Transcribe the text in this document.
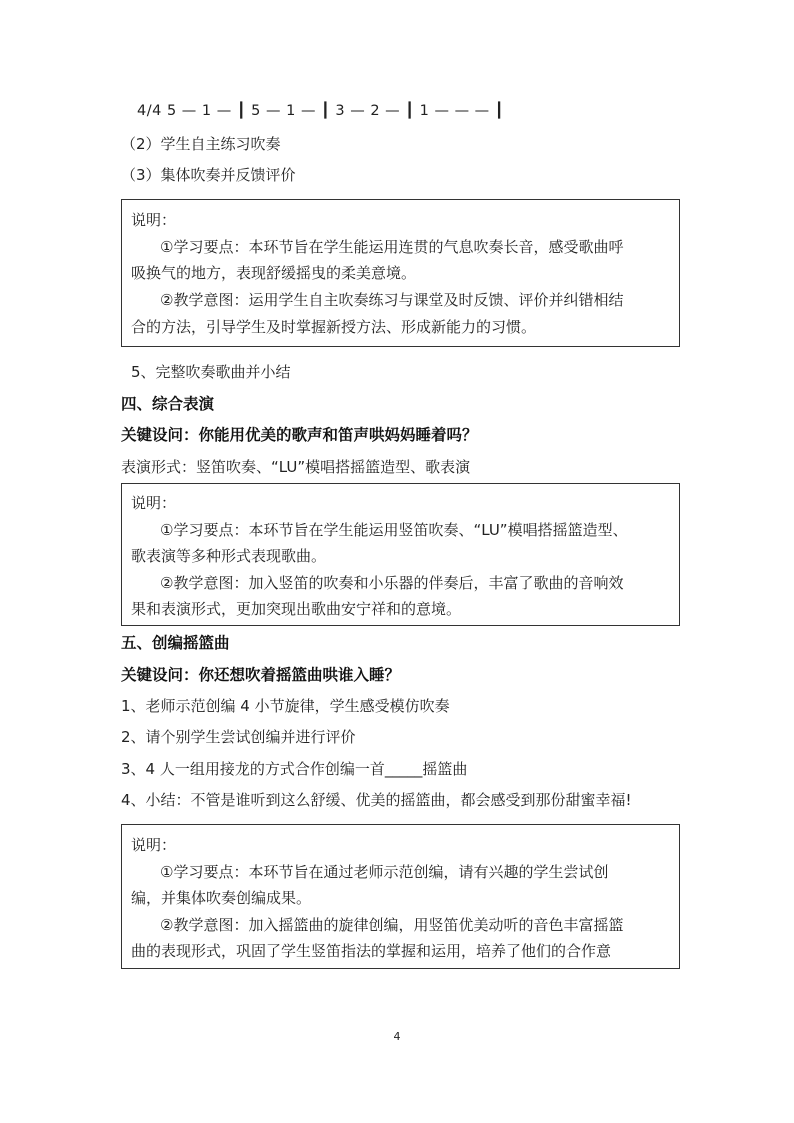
4/4 5 — 1 — ┃ 5 — 1 — ┃ 3 — 2 — ┃ 1 — — — ┃
（2）学生自主练习吹奏
（3）集体吹奏并反馈评价
说明：
①学习要点：本环节旨在学生能运用连贯的气息吹奏长音，感受歌曲呼
吸换气的地方，表现舒缓摇曳的柔美意境。
②教学意图：运用学生自主吹奏练习与课堂及时反馈、评价并纠错相结
合的方法，引导学生及时掌握新授方法、形成新能力的习惯。
5、完整吹奏歌曲并小结
四、综合表演
关键设问：你能用优美的歌声和笛声哄妈妈睡着吗？
表演形式：竖笛吹奏、“LU”模唱搭摇篮造型、歌表演
说明：
①学习要点：本环节旨在学生能运用竖笛吹奏、“LU”模唱搭摇篮造型、
歌表演等多种形式表现歌曲。
②教学意图：加入竖笛的吹奏和小乐器的伴奏后，丰富了歌曲的音响效
果和表演形式，更加突现出歌曲安宁祥和的意境。
五、创编摇篮曲
关键设问：你还想吹着摇篮曲哄谁入睡？
1、老师示范创编 4 小节旋律，学生感受模仿吹奏
2、请个别学生尝试创编并进行评价
3、4 人一组用接龙的方式合作创编一首_____摇篮曲
4、小结：不管是谁听到这么舒缓、优美的摇篮曲，都会感受到那份甜蜜幸福!
说明：
①学习要点：本环节旨在通过老师示范创编，请有兴趣的学生尝试创
编，并集体吹奏创编成果。
②教学意图：加入摇篮曲的旋律创编，用竖笛优美动听的音色丰富摇篮
曲的表现形式，巩固了学生竖笛指法的掌握和运用，培养了他们的合作意
4
